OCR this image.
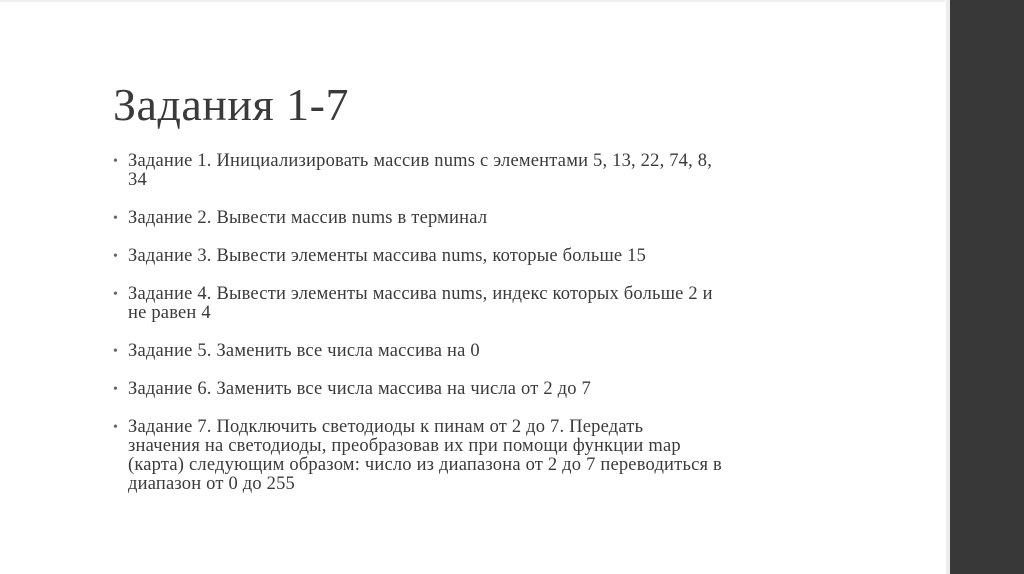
Задания 1-7
• Задание 1. Инициализировать массив nums с элементами 5, 13, 22, 74, 8,
34
• Задание 2. Вывести массив nums в терминал
• Задание 3. Вывести элементы массива nums, которые больше 15
• Задание 4. Вывести элементы массива nums, индекс которых больше 2 и
не равен 4
• Задание 5. Заменить все числа массива на 0
• Задание 6. Заменить все числа массива на числа от 2 до 7
• Задание 7. Подключить светодиоды к пинам от 2 до 7. Передать
значения на светодиоды, преобразовав их при помощи функции map
(карта) следующим образом: число из диапазона от 2 до 7 переводиться в
диапазон от 0 до 255
